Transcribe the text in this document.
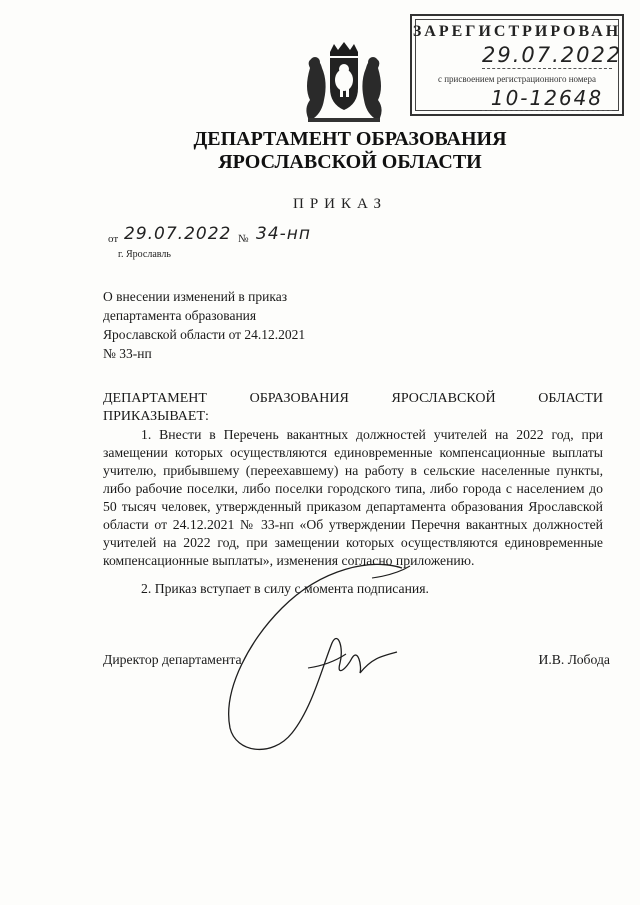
ЗАРЕГИСТРИРОВАН
29.07.2022
с присвоением регистрационного номера
10-12648
ДЕПАРТАМЕНТ ОБРАЗОВАНИЯ
ЯРОСЛАВСКОЙ ОБЛАСТИ
ПРИКАЗ
от 29.07.2022 № 34-нп
г. Ярославль
О внесении изменений в приказ
департамента образования
Ярославской области от 24.12.2021
№ 33-нп
ДЕПАРТАМЕНТ	ОБРАЗОВАНИЯ	ЯРОСЛАВСКОЙ	ОБЛАСТИ
ПРИКАЗЫВАЕТ:
1. Внести в Перечень вакантных должностей учителей на 2022 год, при замещении которых осуществляются единовременные компенсационные выплаты учителю, прибывшему (переехавшему) на работу в сельские населенные пункты, либо рабочие поселки, либо поселки городского типа, либо города с населением до 50 тысяч человек, утвержденный приказом департамента образования Ярославской области от 24.12.2021 № 33-нп «Об утверждении Перечня вакантных должностей учителей на 2022 год, при замещении которых осуществляются единовременные компенсационные выплаты», изменения согласно приложению.
2. Приказ вступает в силу с момента подписания.
Директор департамента	И.В. Лобода
